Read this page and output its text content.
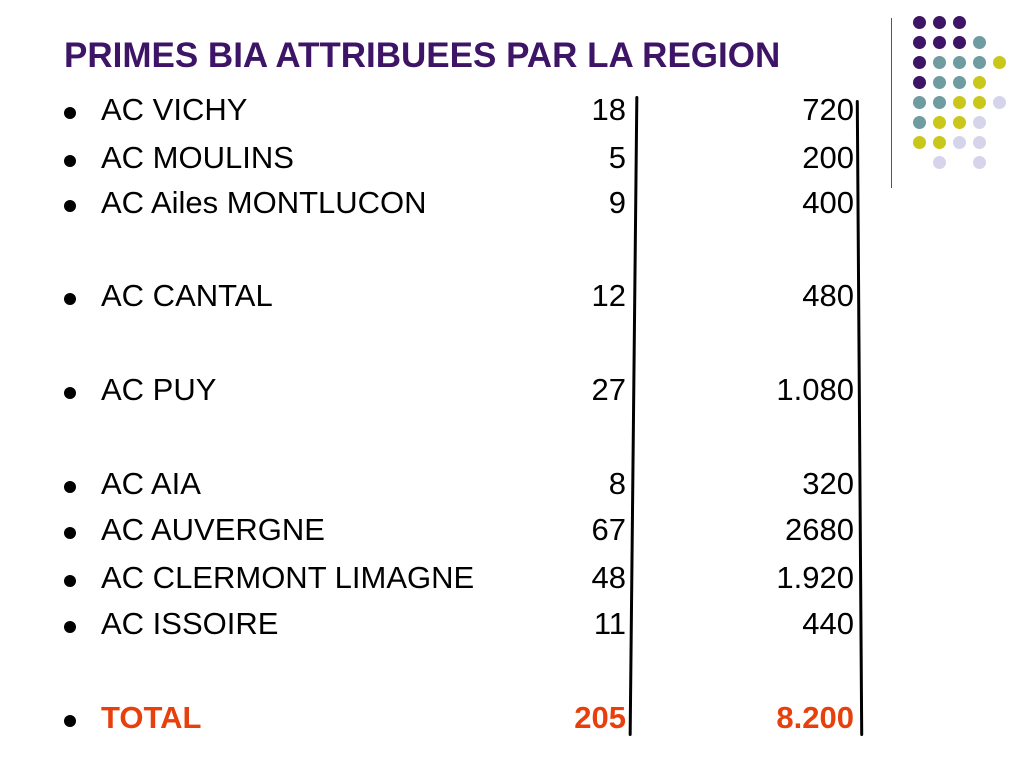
PRIMES BIA ATTRIBUEES PAR LA REGION
AC VICHY	18	720
AC MOULINS	5	200
AC Ailes MONTLUCON	9	400
AC CANTAL	12	480
AC PUY	27	1.080
AC AIA	8	320
AC AUVERGNE	67	2680
AC CLERMONT LIMAGNE	48	1.920
AC ISSOIRE	11	440
TOTAL	205	8.200
